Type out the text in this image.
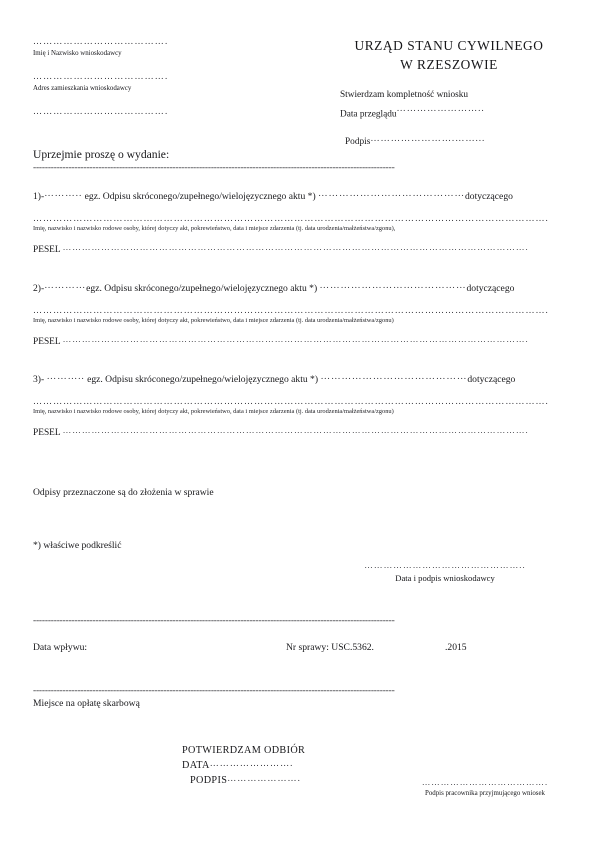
………………………………….
Imię i Nazwisko wnioskodawcy
………………………………….
Adres zamieszkania wnioskodawcy
………………………………….
URZĄD STANU CYWILNEGO
W RZESZOWIE
Stwierdzam kompletność wniosku
Data przeglądu……………………..
Podpis…………………….……...
Uprzejmie proszę o wydanie:
--------------------------------------------------------------------------------------------------------------------------
1)-……….. egz. Odpisu skróconego/zupełnego/wielojęzycznego aktu *) ……………………………………dotyczącego
……………………………………………………………………………………………………………………………………….
Imię, nazwisko i nazwisko rodowe osoby, której dotyczy akt, pokrewieństwo, data i miejsce zdarzenia (tj. data urodzenia/małżeństwa/zgonu),
PESEL ……………………………………………………………………………………………………………………………….
2)-…………egz. Odpisu skróconego/zupełnego/wielojęzycznego aktu *) ……………………………………dotyczącego
……………………………………………………………………………………………………………………………………….
Imię, nazwisko i nazwisko rodowe osoby, której dotyczy akt, pokrewieństwo, data i miejsce zdarzenia (tj. data urodzenia/małżeństwa/zgonu)
PESEL ……………………………………………………………………………………………………………………………….
3)- ……….. egz. Odpisu skróconego/zupełnego/wielojęzycznego aktu *) ……………………………………dotyczącego
……………………………………………………………………………………………………………………………………….
Imię, nazwisko i nazwisko rodowe osoby, której dotyczy akt, pokrewieństwo, data i miejsce zdarzenia (tj. data urodzenia/małżeństwa/zgonu)
PESEL ……………………………………………………………………………………………………………………………….
Odpisy przeznaczone są do złożenia w sprawie
*) właściwe podkreślić
…………………………………………..
Data i podpis wnioskodawcy
--------------------------------------------------------------------------------------------------------------------------
Data wpływu:	Nr sprawy: USC.5362.	.2015
--------------------------------------------------------------------------------------------------------------------------
Miejsce na opłatę skarbową
POTWIERDZAM ODBIÓR
DATA…………………….
PODPIS………………….	………………………………….
Podpis pracownika przyjmującego wniosek
